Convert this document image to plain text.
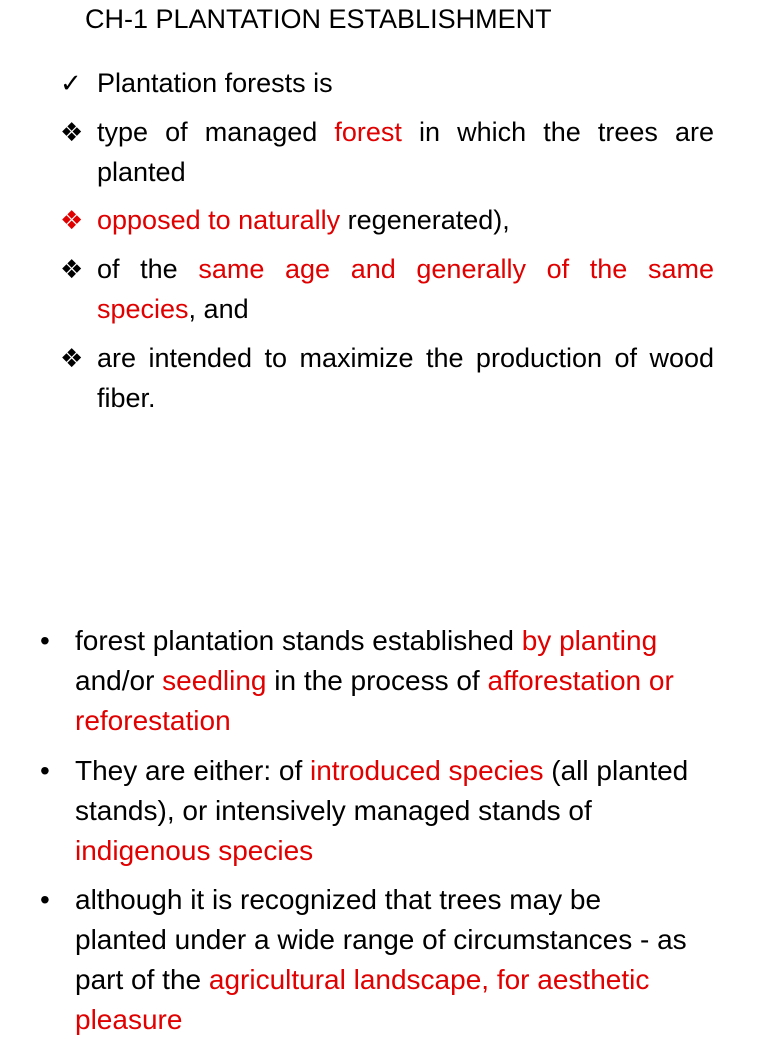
CH-1 PLANTATION ESTABLISHMENT
✓ Plantation forests is
❖ type of managed forest in which the trees are planted
❖ opposed to naturally regenerated),
❖ of the same age and generally of the same species, and
❖ are intended to maximize the production of wood fiber.
• forest plantation stands established by planting and/or seedling in the process of afforestation or reforestation
• They are either: of introduced species (all planted stands), or intensively managed stands of indigenous species
• although it is recognized that trees may be planted under a wide range of circumstances - as part of the agricultural landscape, for aesthetic pleasure
